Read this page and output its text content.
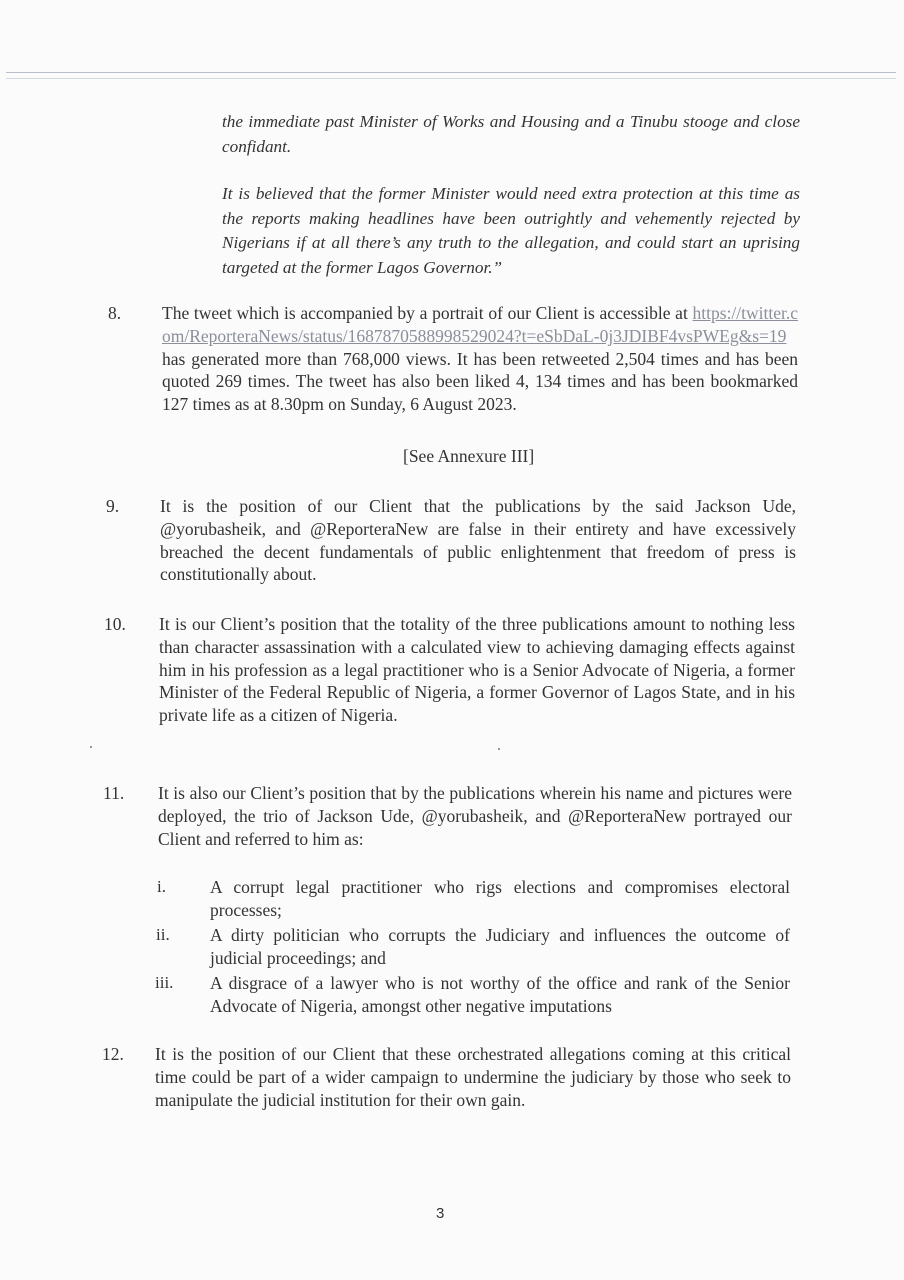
the immediate past Minister of Works and Housing and a Tinubu stooge and close confidant.
It is believed that the former Minister would need extra protection at this time as the reports making headlines have been outrightly and vehemently rejected by Nigerians if at all there’s any truth to the allegation, and could start an uprising targeted at the former Lagos Governor.”
8. The tweet which is accompanied by a portrait of our Client is accessible at https://twitter.com/ReporteraNews/status/1687870588998529024?t=eSbDaL-0j3JDIBF4vsPWEg&s=19 has generated more than 768,000 views. It has been retweeted 2,504 times and has been quoted 269 times. The tweet has also been liked 4, 134 times and has been bookmarked 127 times as at 8.30pm on Sunday, 6 August 2023.
[See Annexure III]
9. It is the position of our Client that the publications by the said Jackson Ude, @yorubasheik, and @ReporteraNew are false in their entirety and have excessively breached the decent fundamentals of public enlightenment that freedom of press is constitutionally about.
10. It is our Client’s position that the totality of the three publications amount to nothing less than character assassination with a calculated view to achieving damaging effects against him in his profession as a legal practitioner who is a Senior Advocate of Nigeria, a former Minister of the Federal Republic of Nigeria, a former Governor of Lagos State, and in his private life as a citizen of Nigeria.
11. It is also our Client’s position that by the publications wherein his name and pictures were deployed, the trio of Jackson Ude, @yorubasheik, and @ReporteraNew portrayed our Client and referred to him as:
i.	A corrupt legal practitioner who rigs elections and compromises electoral processes;
ii. A dirty politician who corrupts the Judiciary and influences the outcome of judicial proceedings; and
iii. A disgrace of a lawyer who is not worthy of the office and rank of the Senior Advocate of Nigeria, amongst other negative imputations
12. It is the position of our Client that these orchestrated allegations coming at this critical time could be part of a wider campaign to undermine the judiciary by those who seek to manipulate the judicial institution for their own gain.
3
